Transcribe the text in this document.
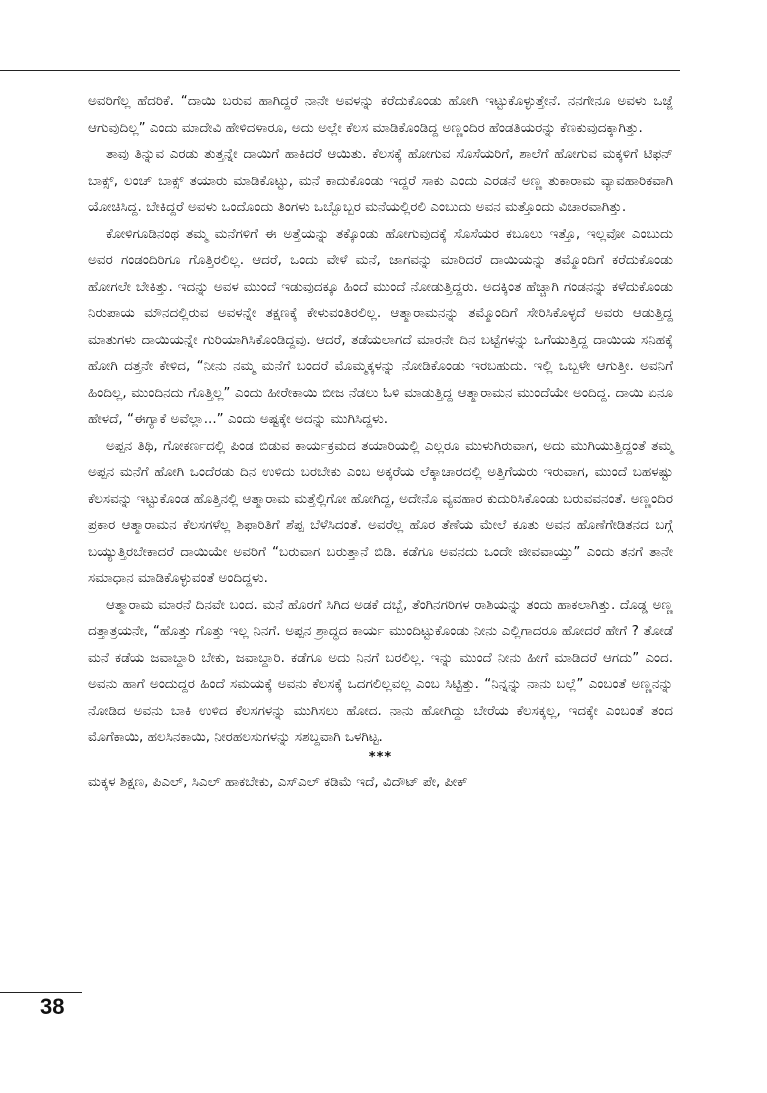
ಅವರಿಗೆಲ್ಲ ಹೆದರಿಕೆ. “ದಾಯಿ ಬರುವ ಹಾಗಿದ್ದರೆ ನಾನೇ ಅವಳನ್ನು ಕರೆದುಕೊಂಡು ಹೋಗಿ ಇಟ್ಟುಕೊಳ್ಳುತ್ತೇನೆ. ನನಗೇನೂ ಅವಳು ಒಜ್ಜೆ ಆಗುವುದಿಲ್ಲ” ಎಂದು ಮಾದೇವಿ ಹೇಳಿದಳಾರೂ, ಅದು ಅಲ್ಲೇ ಕೆಲಸ ಮಾಡಿಕೊಂಡಿದ್ದ ಅಣ್ಣಂದಿರ ಹೆಂಡತಿಯರನ್ನು ಕೆಣಕುವುದಕ್ಕಾಗಿತ್ತು.

ತಾವು ತಿನ್ನುವ ಎರಡು ತುತ್ತನ್ನೇ ದಾಯಿಗೆ ಹಾಕಿದರೆ ಆಯಿತು. ಕೆಲಸಕ್ಕೆ ಹೋಗುವ ಸೊಸೆಯರಿಗೆ, ಶಾಲೆಗೆ ಹೋಗುವ ಮಕ್ಕಳಿಗೆ ಟಿಫನ್ ಬಾಕ್ಸ್, ಲಂಚ್ ಬಾಕ್ಸ್ ತಯಾರು ಮಾಡಿಕೊಟ್ಟು, ಮನೆ ಕಾದುಕೊಂಡು ಇದ್ದರೆ ಸಾಕು ಎಂದು ಎರಡನೆ ಅಣ್ಣ ತುಕಾರಾಮ ವ್ಯಾವಹಾರಿಕವಾಗಿ ಯೋಚಿಸಿದ್ದ. ಬೇಕಿದ್ದರೆ ಅವಳು ಒಂದೊಂದು ತಿಂಗಳು ಒಬ್ಬೊಬ್ಬರ ಮನೆಯಲ್ಲಿರಲಿ ಎಂಬುದು ಅವನ ಮತ್ತೊಂದು ವಿಚಾರವಾಗಿತ್ತು.

ಕೋಳಿಗೂಡಿನಂಥ ತಮ್ಮ ಮನೆಗಳಿಗೆ ಈ ಅತ್ತೆಯನ್ನು ತಕ್ಕೊಂಡು ಹೋಗುವುದಕ್ಕೆ ಸೊಸೆಯರ ಕಬೂಲು ಇತ್ತೊ, ಇಲ್ಲವೋ ಎಂಬುದು ಅವರ ಗಂಡಂದಿರಿಗೂ ಗೊತ್ತಿರಲಿಲ್ಲ. ಆದರೆ, ಒಂದು ವೇಳೆ ಮನೆ, ಜಾಗವನ್ನು ಮಾರಿದರೆ ದಾಯಿಯನ್ನು ತಮ್ಮೊಂದಿಗೆ ಕರೆದುಕೊಂಡು ಹೋಗಲೇ ಬೇಕಿತ್ತು. ಇದನ್ನು ಅವಳ ಮುಂದೆ ಇಡುವುದಕ್ಕೂ ಹಿಂದೆ ಮುಂದೆ ನೋಡುತ್ತಿದ್ದರು. ಅದಕ್ಕಿಂತ ಹೆಚ್ಚಾಗಿ ಗಂಡನನ್ನು ಕಳೆದುಕೊಂಡು ನಿರುಪಾಯ ಮೌನದಲ್ಲಿರುವ ಅವಳನ್ನೇ ತಕ್ಷಣಕ್ಕೆ ಕೇಳುವಂತಿರಲಿಲ್ಲ. ಆತ್ಮಾರಾಮನನ್ನು ತಮ್ಮೊಂದಿಗೆ ಸೇರಿಸಿಕೊಳ್ಳದೆ ಅವರು ಆಡುತ್ತಿದ್ದ ಮಾತುಗಳು ದಾಯಿಯನ್ನೇ ಗುರಿಯಾಗಿಸಿಕೊಂಡಿದ್ದವು. ಆದರೆ, ತಡೆಯಲಾಗದೆ ಮಾರನೇ ದಿನ ಬಟ್ಟೆಗಳನ್ನು ಒಗೆಯುತ್ತಿದ್ದ ದಾಯಿಯ ಸನಿಹಕ್ಕೆ ಹೋಗಿ ದತ್ತನೇ ಕೇಳಿದ, “ನೀನು ನಮ್ಮ ಮನೆಗೆ ಬಂದರೆ ಮೊಮ್ಮಕ್ಕಳನ್ನು ನೋಡಿಕೊಂಡು ಇರಬಹುದು. ಇಲ್ಲಿ ಒಬ್ಬಳೇ ಆಗುತ್ತೀ. ಅವನಿಗೆ ಹಿಂದಿಲ್ಲ, ಮುಂದಿನದು ಗೊತ್ತಿಲ್ಲ” ಎಂದು ಹೀರೇಕಾಯಿ ಬೀಜ ನೆಡಲು ಓಳಿ ಮಾಡುತ್ತಿದ್ದ ಆತ್ಮಾರಾಮನ ಮುಂದೆಯೇ ಅಂದಿದ್ದ. ದಾಯಿ ಏನೂ ಹೇಳದೆ, “ಈಗ್ಯಾಕೆ ಅವೆಲ್ಲಾ...” ಎಂದು ಅಷ್ಟಕ್ಕೇ ಅದನ್ನು ಮುಗಿಸಿದ್ದಳು.

ಅಪ್ಪನ ತಿಥಿ, ಗೋಕರ್ಣದಲ್ಲಿ ಪಿಂಡ ಬಿಡುವ ಕಾರ್ಯಕ್ರಮದ ತಯಾರಿಯಲ್ಲಿ ಎಲ್ಲರೂ ಮುಳುಗಿರುವಾಗ, ಅದು ಮುಗಿಯುತ್ತಿದ್ದಂತೆ ತಮ್ಮ ಅಪ್ಪನ ಮನೆಗೆ ಹೋಗಿ ಒಂದೆರಡು ದಿನ ಉಳಿದು ಬರಬೇಕು ಎಂಬ ಅಕ್ಕರೆಯ ಲೆಕ್ಕಾಚಾರದಲ್ಲಿ ಅತ್ತಿಗೆಯರು ಇರುವಾಗ, ಮುಂದೆ ಬಹಳಷ್ಟು ಕೆಲಸವನ್ನು ಇಟ್ಟುಕೊಂಡ ಹೊತ್ತಿನಲ್ಲಿ ಆತ್ಮಾರಾಮ ಮತ್ತೆಲ್ಲಿಗೋ ಹೋಗಿದ್ದ, ಅದೇನೊ ವ್ಯವಹಾರ ಕುದುರಿಸಿಕೊಂಡು ಬರುವವನಂತೆ. ಅಣ್ಣಂದಿರ ಪ್ರಕಾರ ಆತ್ಮಾರಾಮನ ಕೆಲಸಗಳೆಲ್ಲ ಶಿಫಾರಿತಿಗೆ ಶೆಪ್ಪ ಬೆಳೆಸಿದಂತೆ. ಅವರೆಲ್ಲ ಹೊರ ತೆಣೆಯ ಮೇಲೆ ಕೂತು ಅವನ ಹೊಣೆಗೇಡಿತನದ ಬಗ್ಗೆ ಬಯ್ಯುತ್ತಿರಬೇಕಾದರೆ ದಾಯಿಯೇ ಅವರಿಗೆ “ಬರುವಾಗ ಬರುತ್ತಾನೆ ಬಿಡಿ. ಕಡೆಗೂ ಅವನದು ಒಂದೇ ಜೀವವಾಯ್ತು” ಎಂದು ತನಗೆ ತಾನೇ ಸಮಾಧಾನ ಮಾಡಿಕೊಳ್ಳುವಂತೆ ಅಂದಿದ್ದಳು.

ಆತ್ಮಾರಾಮ ಮಾರನೆ ದಿನವೇ ಬಂದ. ಮನೆ ಹೊರಗೆ ಸಿಗಿದ ಅಡಕೆ ದಬ್ಬೆ, ತೆಂಗಿನಗರಿಗಳ ರಾಶಿಯನ್ನು ತಂದು ಹಾಕಲಾಗಿತ್ತು. ದೊಡ್ಡ ಅಣ್ಣ ದತ್ತಾತ್ರಯನೇ, “ಹೊತ್ತು ಗೊತ್ತು ಇಲ್ಲ ನಿನಗೆ. ಅಪ್ಪನ ಶ್ರಾದ್ಧದ ಕಾರ್ಯ ಮುಂದಿಟ್ಟುಕೊಂಡು ನೀನು ಎಲ್ಲಿಗಾದರೂ ಹೋದರೆ ಹೇಗೆ ? ತೋಡೆ ಮನೆ ಕಡೆಯ ಜವಾಬ್ದಾರಿ ಬೇಕು, ಜವಾಬ್ದಾರಿ. ಕಡೆಗೂ ಅದು ನಿನಗೆ ಬರಲಿಲ್ಲ. ಇನ್ನು ಮುಂದೆ ನೀನು ಹೀಗೆ ಮಾಡಿದರೆ ಆಗದು” ಎಂದ. ಅವನು ಹಾಗೆ ಅಂದುದ್ದರ ಹಿಂದೆ ಸಮಯಕ್ಕೆ ಅವನು ಕೆಲಸಕ್ಕೆ ಒದಗಲಿಲ್ಲವಲ್ಲ ಎಂಬ ಸಿಟ್ಟಿತ್ತು. “ನಿನ್ನನ್ನು ನಾನು ಬಲ್ಲೆ” ಎಂಬಂತೆ ಅಣ್ಣನನ್ನು ನೋಡಿದ ಅವನು ಬಾಕಿ ಉಳಿದ ಕೆಲಸಗಳನ್ನು ಮುಗಿಸಲು ಹೋದ. ನಾನು ಹೋಗಿದ್ದು ಬೇರೆಯ ಕೆಲಸಕ್ಕಲ್ಲ, ಇದಕ್ಕೇ ಎಂಬಂತೆ ತಂದ ಮೊಗೆಕಾಯಿ, ಹಲಸಿನಕಾಯಿ, ನೀರಹಲಸುಗಳನ್ನು ಸಶಬ್ದವಾಗಿ ಒಳಗಿಟ್ಟ.

***

ಮಕ್ಕಳ ಶಿಕ್ಷಣ, ಪಿಎಲ್, ಸಿಎಲ್ ಹಾಕಬೇಕು, ಎಸ್ಎಲ್ ಕಡಿಮೆ ಇದೆ, ವಿದೌಟ್ ಪೇ, ಪೀಕ್

38
